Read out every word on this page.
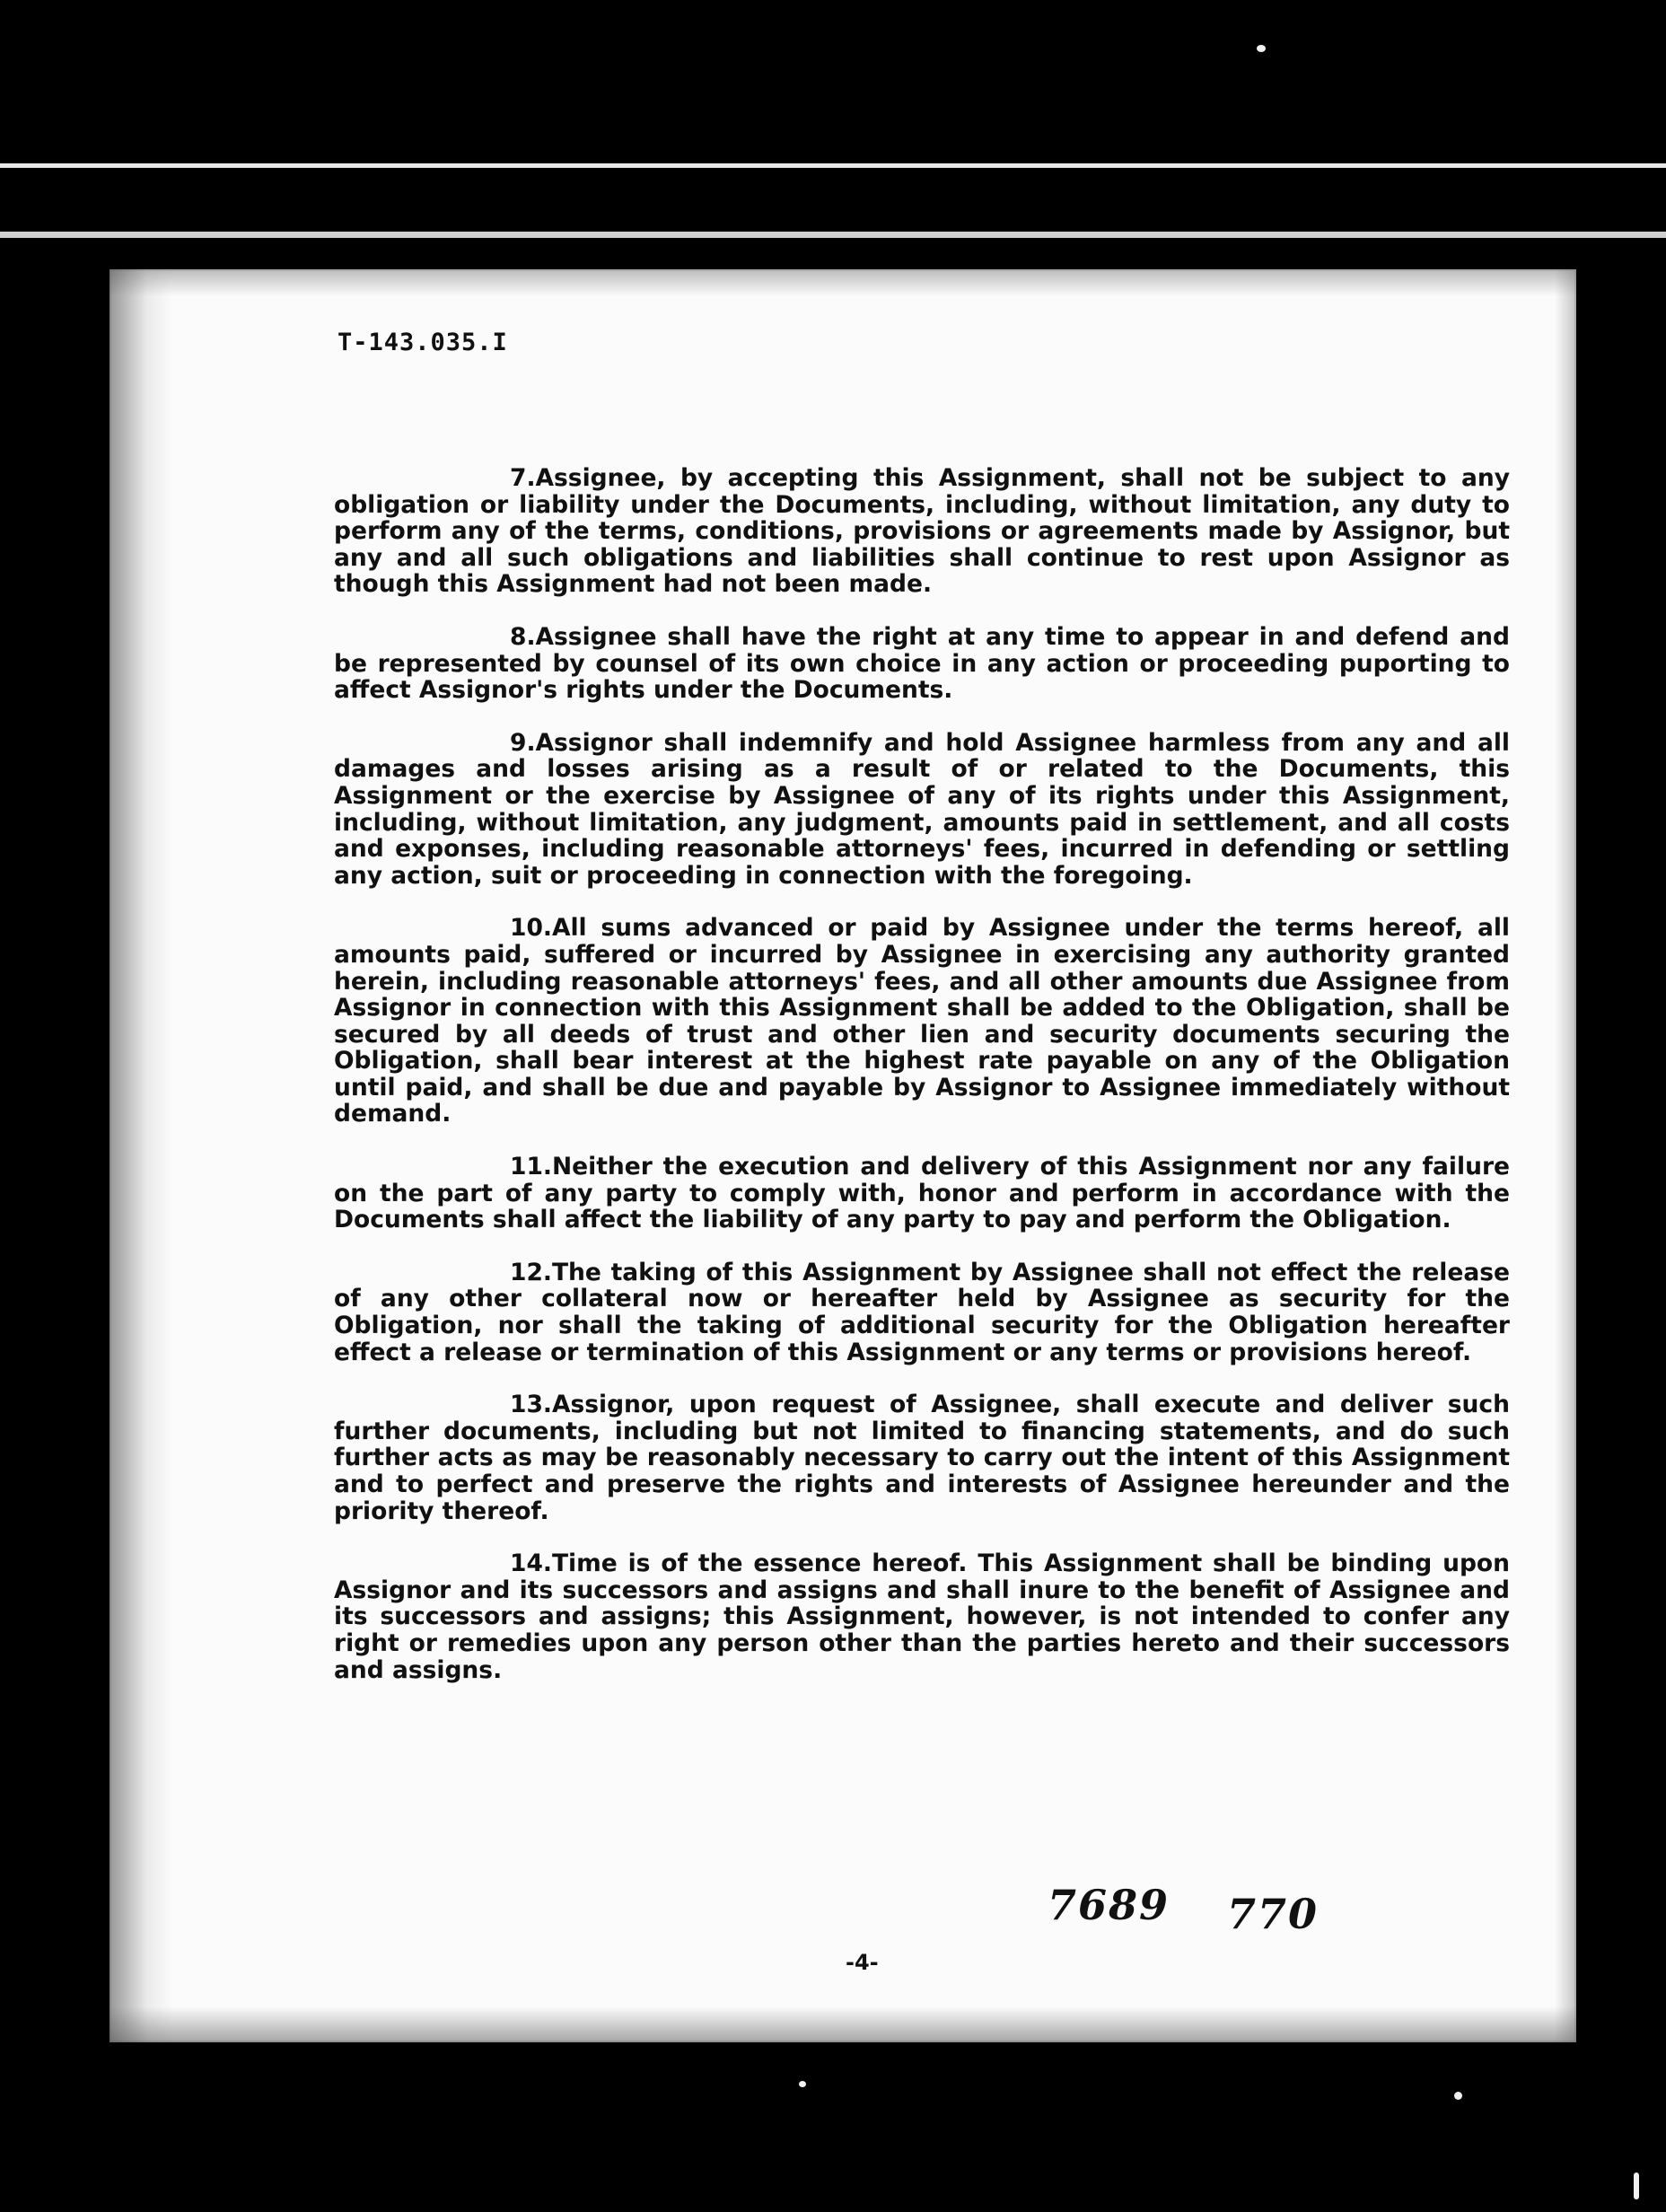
T-143.035.I

7.Assignee, by accepting this Assignment, shall not be subject to any obligation or liability under the Documents, including, without limitation, any duty to perform any of the terms, conditions, provisions or agreements made by Assignor, but any and all such obligations and liabilities shall continue to rest upon Assignor as though this Assignment had not been made.

8.Assignee shall have the right at any time to appear in and defend and be represented by counsel of its own choice in any action or proceeding puporting to affect Assignor's rights under the Documents.

9.Assignor shall indemnify and hold Assignee harmless from any and all damages and losses arising as a result of or related to the Documents, this Assignment or the exercise by Assignee of any of its rights under this Assignment, including, without limitation, any judgment, amounts paid in settlement, and all costs and exponses, including reasonable attorneys' fees, incurred in defending or settling any action, suit or proceeding in connection with the foregoing.

10.All sums advanced or paid by Assignee under the terms hereof, all amounts paid, suffered or incurred by Assignee in exercising any authority granted herein, including reasonable attorneys' fees, and all other amounts due Assignee from Assignor in connection with this Assignment shall be added to the Obligation, shall be secured by all deeds of trust and other lien and security documents securing the Obligation, shall bear interest at the highest rate payable on any of the Obligation until paid, and shall be due and payable by Assignor to Assignee immediately without demand.

11.Neither the execution and delivery of this Assignment nor any failure on the part of any party to comply with, honor and perform in accordance with the Documents shall affect the liability of any party to pay and perform the Obligation.

12.The taking of this Assignment by Assignee shall not effect the release of any other collateral now or hereafter held by Assignee as security for the Obligation, nor shall the taking of additional security for the Obligation hereafter effect a release or termination of this Assignment or any terms or provisions hereof.

13.Assignor, upon request of Assignee, shall execute and deliver such further documents, including but not limited to financing statements, and do such further acts as may be reasonably necessary to carry out the intent of this Assignment and to perfect and preserve the rights and interests of Assignee hereunder and the priority thereof.

14.Time is of the essence hereof. This Assignment shall be binding upon Assignor and its successors and assigns and shall inure to the benefit of Assignee and its successors and assigns; this Assignment, however, is not intended to confer any right or remedies upon any person other than the parties hereto and their successors and assigns.

7689 770
-4-
